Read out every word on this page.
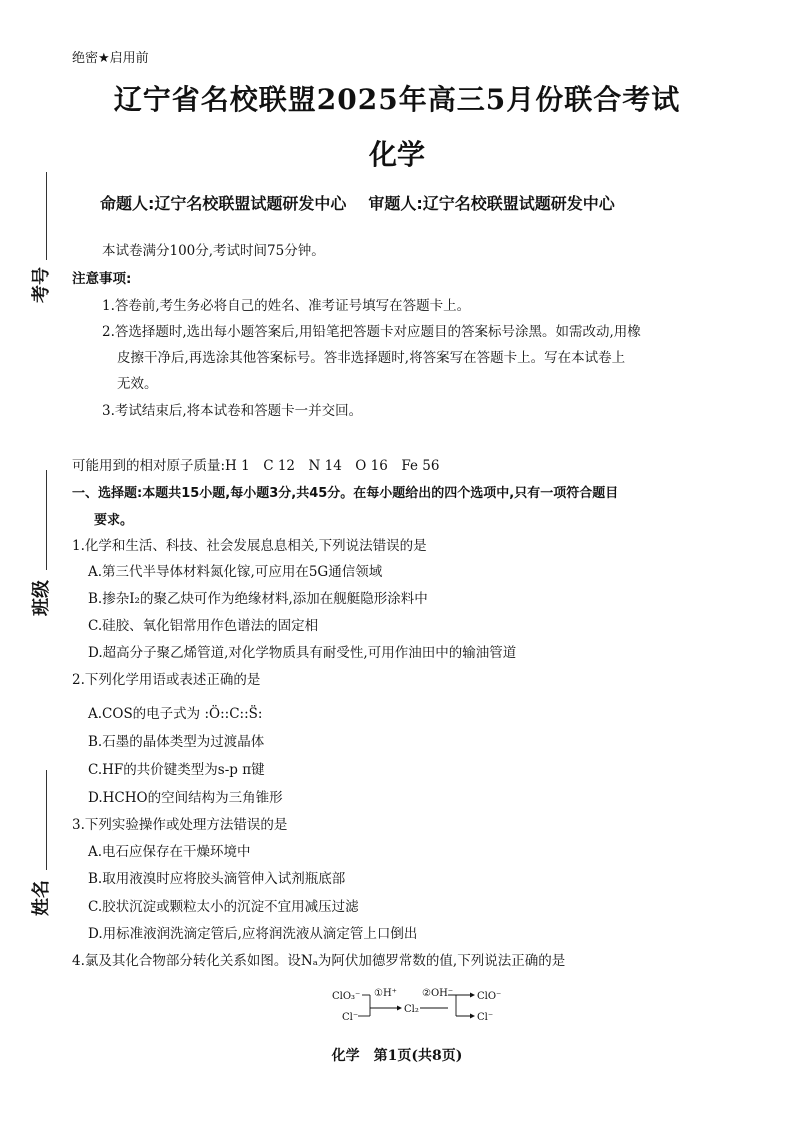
绝密★启用前
辽宁省名校联盟2025年高三5月份联合考试
化学
命题人:辽宁名校联盟试题研发中心 审题人:辽宁名校联盟试题研发中心
考号
班级
姓名
本试卷满分100分,考试时间75分钟。
注意事项:
1.答卷前,考生务必将自己的姓名、准考证号填写在答题卡上。
2.答选择题时,选出每小题答案后,用铅笔把答题卡对应题目的答案标号涂黑。如需改动,用橡
皮擦干净后,再选涂其他答案标号。答非选择题时,将答案写在答题卡上。写在本试卷上
无效。
3.考试结束后,将本试卷和答题卡一并交回。
可能用到的相对原子质量:H 1　C 12　N 14　O 16　Fe 56
一、选择题:本题共15小题,每小题3分,共45分。在每小题给出的四个选项中,只有一项符合题目
要求。
1.化学和生活、科技、社会发展息息相关,下列说法错误的是
A.第三代半导体材料氮化镓,可应用在5G通信领域
B.掺杂I₂的聚乙炔可作为绝缘材料,添加在舰艇隐形涂料中
C.硅胶、氧化铝常用作色谱法的固定相
D.超高分子聚乙烯管道,对化学物质具有耐受性,可用作油田中的输油管道
2.下列化学用语或表述正确的是
A.COS的电子式为 :Ö::C::S̈:
B.石墨的晶体类型为过渡晶体
C.HF的共价键类型为s-p π键
D.HCHO的空间结构为三角锥形
3.下列实验操作或处理方法错误的是
A.电石应保存在干燥环境中
B.取用液溴时应将胶头滴管伸入试剂瓶底部
C.胶状沉淀或颗粒太小的沉淀不宜用减压过滤
D.用标准液润洗滴定管后,应将润洗液从滴定管上口倒出
4.氯及其化合物部分转化关系如图。设Nₐ为阿伏加德罗常数的值,下列说法正确的是
ClO₃⁻
Cl⁻
①H⁺
Cl₂
②OH⁻ ClO⁻
Cl⁻
化学　第1页(共8页)
